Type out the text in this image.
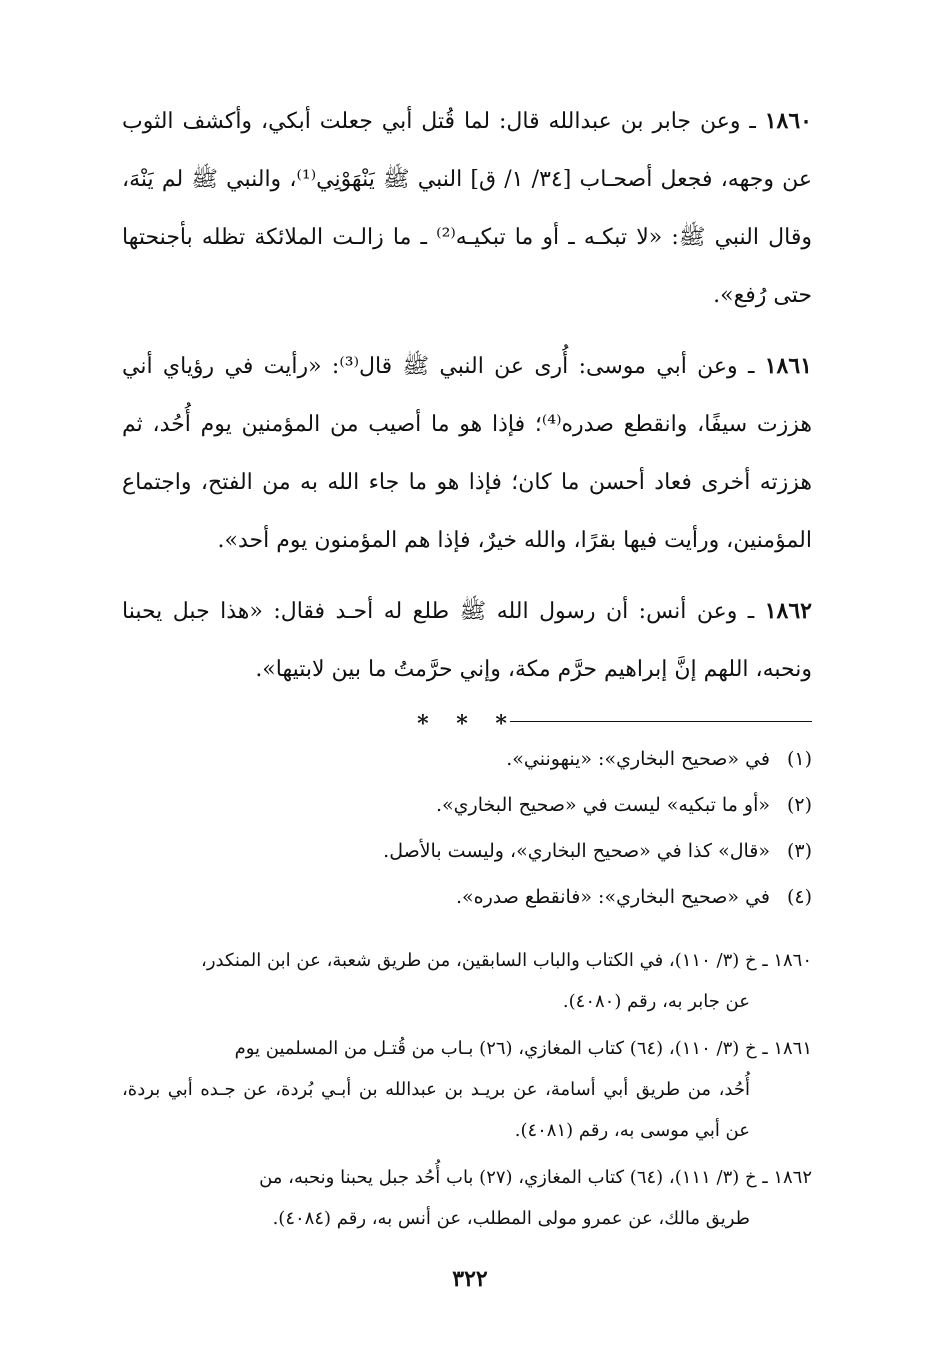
١٨٦٠ ـ وعن جابر بن عبدالله قال: لما قُتل أبي جعلت أبكي، وأكشف الثوب عن وجهه، فجعل أصحـاب [٣٤/ ١/ ق] النبي ﷺ يَنْهَوْنِي⁽¹⁾، والنبي ﷺ لم يَنْهَ، وقال النبي ﷺ: «لا تبكـه ـ أو ما تبكيـه⁽²⁾ ـ ما زالـت الملائكة تظله بأجنحتها حتى رُفع».

١٨٦١ ـ وعن أبي موسى: أُرى عن النبي ﷺ قال⁽³⁾: «رأيت في رؤياي أني هززت سيفًا، وانقطع صدره⁽⁴⁾؛ فإذا هو ما أصيب من المؤمنين يوم أُحُد، ثم هززته أخرى فعاد أحسن ما كان؛ فإذا هو ما جاء الله به من الفتح، واجتماع المؤمنين، ورأيت فيها بقرًا، والله خيرٌ، فإذا هم المؤمنون يوم أحد».

١٨٦٢ ـ وعن أنس: أن رسول الله ﷺ طلع له أحـد فقال: «هذا جبل يحبنا ونحبه، اللهم إنَّ إبراهيم حرَّم مكة، وإني حرَّمتُ ما بين لابتيها».

* * *
(١)في «صحيح البخاري»: «ينهونني».
(٢)«أو ما تبكيه» ليست في «صحيح البخاري».
(٣)«قال» كذا في «صحيح البخاري»، وليست بالأصل.
(٤)في «صحيح البخاري»: «فانقطع صدره».

١٨٦٠ ـ خ (٣/ ١١٠)، في الكتاب والباب السابقين، من طريق شعبة، عن ابن المنكدر،
عن جابر به، رقم (٤٠٨٠).

١٨٦١ ـ خ (٣/ ١١٠)، (٦٤) كتاب المغازي، (٢٦) بـاب من قُتـل من المسلمين يوم
أُحُد، من طريق أبي أسامة، عن بريـد بن عبدالله بن أبـي بُردة، عن جـده أبي بردة، عن أبي موسى به، رقم (٤٠٨١).

١٨٦٢ ـ خ (٣/ ١١١)، (٦٤) كتاب المغازي، (٢٧) باب أُحُد جبل يحبنا ونحبه، من
طريق مالك، عن عمرو مولى المطلب، عن أنس به، رقم (٤٠٨٤).

٣٢٢
